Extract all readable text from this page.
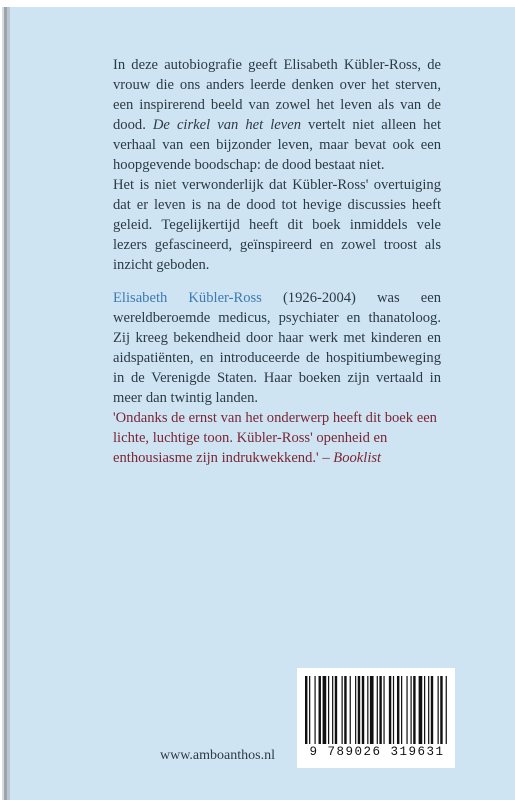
In deze autobiografie geeft Elisabeth Kübler-Ross, de vrouw die ons anders leerde denken over het sterven, een inspirerend beeld van zowel het leven als van de dood. De cirkel van het leven vertelt niet alleen het verhaal van een bijzonder leven, maar bevat ook een hoopgevende boodschap: de dood bestaat niet.

Het is niet verwonderlijk dat Kübler-Ross' overtuiging dat er leven is na de dood tot hevige discussies heeft geleid. Tegelijkertijd heeft dit boek inmiddels vele lezers gefascineerd, geïnspireerd en zowel troost als inzicht geboden.

Elisabeth Kübler-Ross (1926-2004) was een wereldberoemde medicus, psychiater en thanatoloog. Zij kreeg bekendheid door haar werk met kinderen en aidspatiënten, en introduceerde de hospitiumbeweging in de Verenigde Staten. Haar boeken zijn vertaald in meer dan twintig landen.

'Ondanks de ernst van het onderwerp heeft dit boek een lichte, luchtige toon. Kübler-Ross' openheid en enthousiasme zijn indrukwekkend.' – Booklist

www.amboanthos.nl	9 789026 319631
